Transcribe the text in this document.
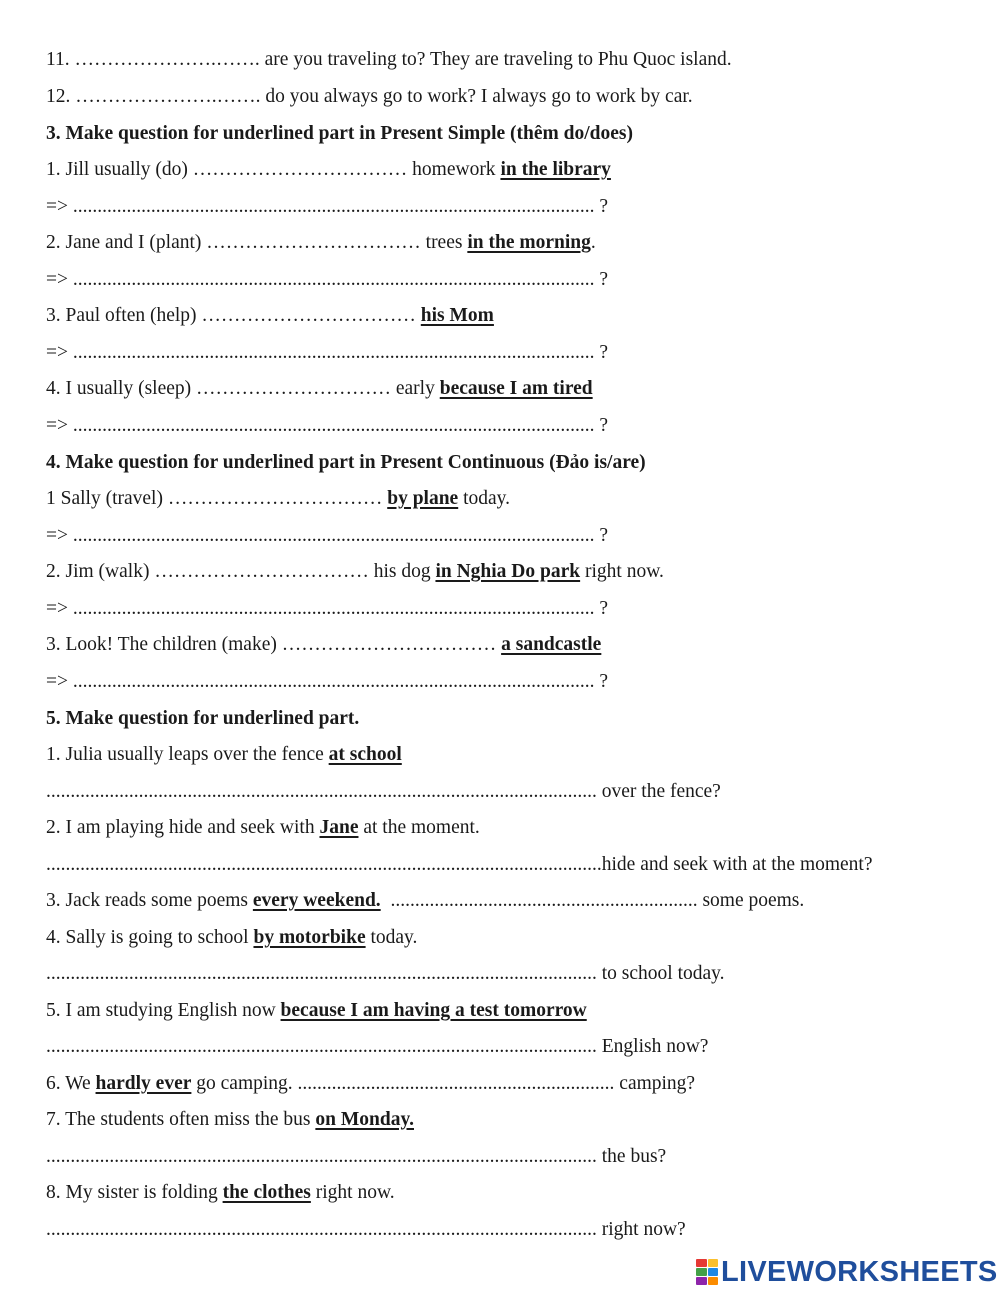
11. ………………….……. are you traveling to? They are traveling to Phu Quoc island.
12. ………………….……. do you always go to work? I always go to work by car.
3. Make question for underlined part in Present Simple (thêm do/does)
1. Jill usually (do) …………………………… homework in the library
=> ........................................................................................................... ?
2. Jane and I (plant) …………………………… trees in the morning.
=> ........................................................................................................... ?
3. Paul often (help) …………………………… his Mom
=> ........................................................................................................... ?
4. I usually (sleep) ………………………… early because I am tired
=> ........................................................................................................... ?
4. Make question for underlined part in Present Continuous (Đảo is/are)
1 Sally (travel) …………………………… by plane today.
=> ........................................................................................................... ?
2. Jim (walk) …………………………… his dog in Nghia Do park right now.
=> ........................................................................................................... ?
3. Look! The children (make) …………………………… a sandcastle
=> ........................................................................................................... ?
5. Make question for underlined part.
1. Julia usually leaps over the fence at school
................................................................................................................. over the fence?
2. I am playing hide and seek with Jane at the moment.
..................................................................................................................hide and seek with at the moment?
3. Jack reads some poems every weekend.  ............................................................... some poems.
4. Sally is going to school by motorbike today.
................................................................................................................. to school today.
5. I am studying English now because I am having a test tomorrow
................................................................................................................. English now?
6. We hardly ever go camping. ................................................................. camping?
7. The students often miss the bus on Monday.
................................................................................................................. the bus?
8. My sister is folding the clothes right now.
................................................................................................................. right now?
LIVEWORKSHEETS
